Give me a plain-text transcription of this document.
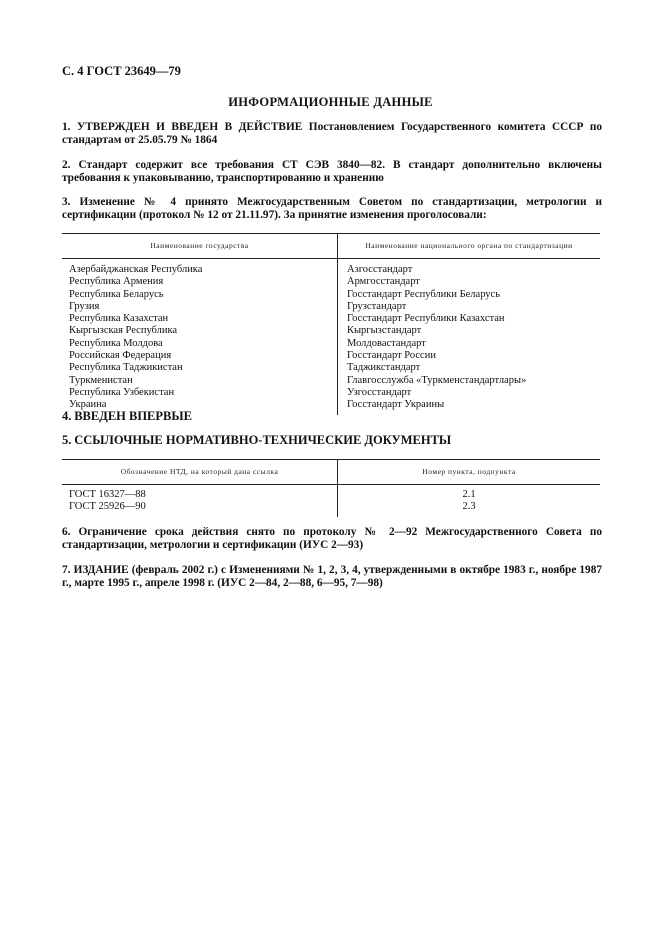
С. 4 ГОСТ 23649—79
ИНФОРМАЦИОННЫЕ ДАННЫЕ
1. УТВЕРЖДЕН И ВВЕДЕН В ДЕЙСТВИЕ Постановлением Государственного комитета СССР по стандартам от 25.05.79 № 1864
2. Стандарт содержит все требования СТ СЭВ 3840—82. В стандарт дополнительно включены требования к упаковыванию, транспортированию и хранению
3. Изменение № 4 принято Межгосударственным Советом по стандартизации, метрологии и сертификации (протокол № 12 от 21.11.97). За принятие изменения проголосовали:
Наименование государства	Наименование национального органа по стандартизации
Азербайджанская Республика	Азгосстандарт
Республика Армения	Армгосстандарт
Республика Беларусь	Госстандарт Республики Беларусь
Грузия	Грузстандарт
Республика Казахстан	Госстандарт Республики Казахстан
Кыргызская Республика	Кыргызстандарт
Республика Молдова	Молдовастандарт
Российская Федерация	Госстандарт России
Республика Таджикистан	Таджикстандарт
Туркменистан	Главгосслужба «Туркменстандартлары»
Республика Узбекистан	Узгосстандарт
Украина	Госстандарт Украины
4. ВВЕДЕН ВПЕРВЫЕ
5. ССЫЛОЧНЫЕ НОРМАТИВНО-ТЕХНИЧЕСКИЕ ДОКУМЕНТЫ
Обозначение НТД, на который дана ссылка	Номер пункта, подпункта
ГОСТ 16327—88	2.1
ГОСТ 25926—90	2.3
6. Ограничение срока действия снято по протоколу № 2—92 Межгосударственного Совета по стандартизации, метрологии и сертификации (ИУС 2—93)
7. ИЗДАНИЕ (февраль 2002 г.) с Изменениями № 1, 2, 3, 4, утвержденными в октябре 1983 г., ноябре 1987 г., марте 1995 г., апреле 1998 г. (ИУС 2—84, 2—88, 6—95, 7—98)
